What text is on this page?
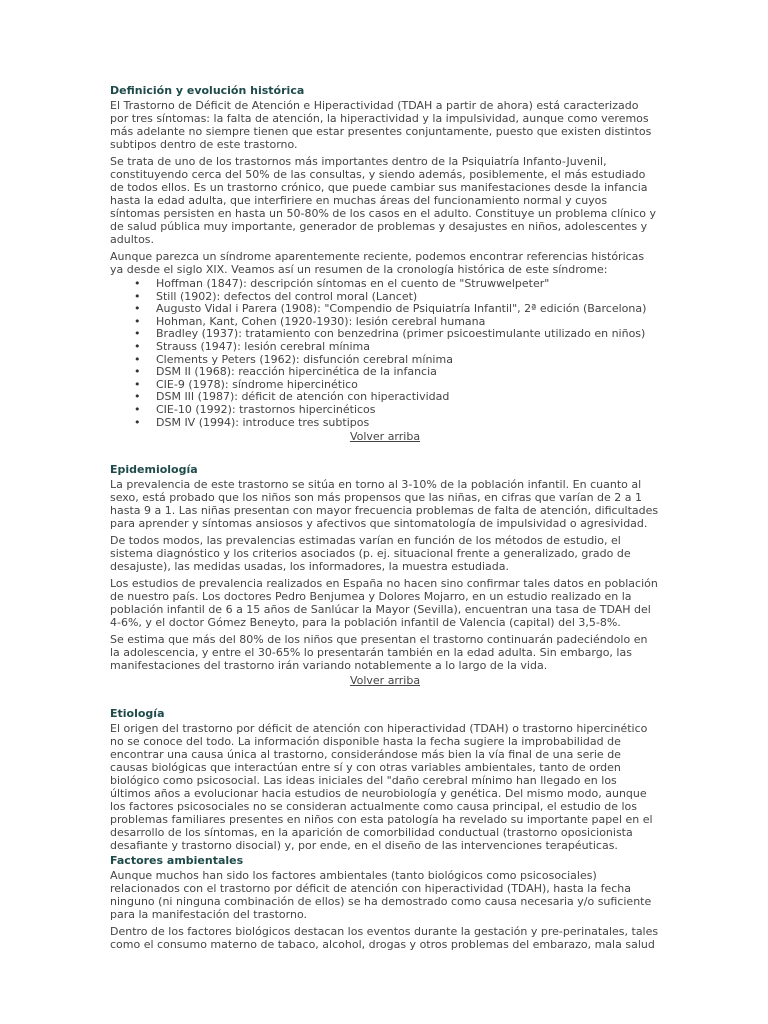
Definición y evolución histórica

El Trastorno de Déficit de Atención e Hiperactividad (TDAH a partir de ahora) está caracterizado por tres síntomas: la falta de atención, la hiperactividad y la impulsividad, aunque como veremos más adelante no siempre tienen que estar presentes conjuntamente, puesto que existen distintos subtipos dentro de este trastorno.

Se trata de uno de los trastornos más importantes dentro de la Psiquiatría Infanto-Juvenil, constituyendo cerca del 50% de las consultas, y siendo además, posiblemente, el más estudiado de todos ellos. Es un trastorno crónico, que puede cambiar sus manifestaciones desde la infancia hasta la edad adulta, que interfiriere en muchas áreas del funcionamiento normal y cuyos síntomas persisten en hasta un 50-80% de los casos en el adulto. Constituye un problema clínico y de salud pública muy importante, generador de problemas y desajustes en niños, adolescentes y adultos.

Aunque parezca un síndrome aparentemente reciente, podemos encontrar referencias históricas ya desde el siglo XIX. Veamos así un resumen de la cronología histórica de este síndrome:

• Hoffman (1847): descripción síntomas en el cuento de "Struwwelpeter"
• Still (1902): defectos del control moral (Lancet)
• Augusto Vidal i Parera (1908): "Compendio de Psiquiatría Infantil", 2ª edición (Barcelona)
• Hohman, Kant, Cohen (1920-1930): lesión cerebral humana
• Bradley (1937): tratamiento con benzedrina (primer psicoestimulante utilizado en niños)
• Strauss (1947): lesión cerebral mínima
• Clements y Peters (1962): disfunción cerebral mínima
• DSM II (1968): reacción hipercinética de la infancia
• CIE-9 (1978): síndrome hipercinético
• DSM III (1987): déficit de atención con hiperactividad
• CIE-10 (1992): trastornos hipercinéticos
• DSM IV (1994): introduce tres subtipos
Volver arriba
Epidemiología

La prevalencia de este trastorno se sitúa en torno al 3-10% de la población infantil. En cuanto al sexo, está probado que los niños son más propensos que las niñas, en cifras que varían de 2 a 1 hasta 9 a 1. Las niñas presentan con mayor frecuencia problemas de falta de atención, dificultades para aprender y síntomas ansiosos y afectivos que sintomatología de impulsividad o agresividad.

De todos modos, las prevalencias estimadas varían en función de los métodos de estudio, el sistema diagnóstico y los criterios asociados (p. ej. situacional frente a generalizado, grado de desajuste), las medidas usadas, los informadores, la muestra estudiada.

Los estudios de prevalencia realizados en España no hacen sino confirmar tales datos en población de nuestro país. Los doctores Pedro Benjumea y Dolores Mojarro, en un estudio realizado en la población infantil de 6 a 15 años de Sanlúcar la Mayor (Sevilla), encuentran una tasa de TDAH del 4-6%, y el doctor Gómez Beneyto, para la población infantil de Valencia (capital) del 3,5-8%.

Se estima que más del 80% de los niños que presentan el trastorno continuarán padeciéndolo en la adolescencia, y entre el 30-65% lo presentarán también en la edad adulta. Sin embargo, las manifestaciones del trastorno irán variando notablemente a lo largo de la vida.

Volver arriba
Etiología

El origen del trastorno por déficit de atención con hiperactividad (TDAH) o trastorno hipercinético no se conoce del todo. La información disponible hasta la fecha sugiere la improbabilidad de encontrar una causa única al trastorno, considerándose más bien la vía final de una serie de causas biológicas que interactúan entre sí y con otras variables ambientales, tanto de orden biológico como psicosocial. Las ideas iniciales del "daño cerebral mínimo han llegado en los últimos años a evolucionar hacia estudios de neurobiología y genética. Del mismo modo, aunque los factores psicosociales no se consideran actualmente como causa principal, el estudio de los problemas familiares presentes en niños con esta patología ha revelado su importante papel en el desarrollo de los síntomas, en la aparición de comorbilidad conductual (trastorno oposicionista desafiante y trastorno disocial) y, por ende, en el diseño de las intervenciones terapéuticas.

Factores ambientales

Aunque muchos han sido los factores ambientales (tanto biológicos como psicosociales) relacionados con el trastorno por déficit de atención con hiperactividad (TDAH), hasta la fecha ninguno (ni ninguna combinación de ellos) se ha demostrado como causa necesaria y/o suficiente para la manifestación del trastorno.

Dentro de los factores biológicos destacan los eventos durante la gestación y pre-perinatales, tales como el consumo materno de tabaco, alcohol, drogas y otros problemas del embarazo, mala salud
